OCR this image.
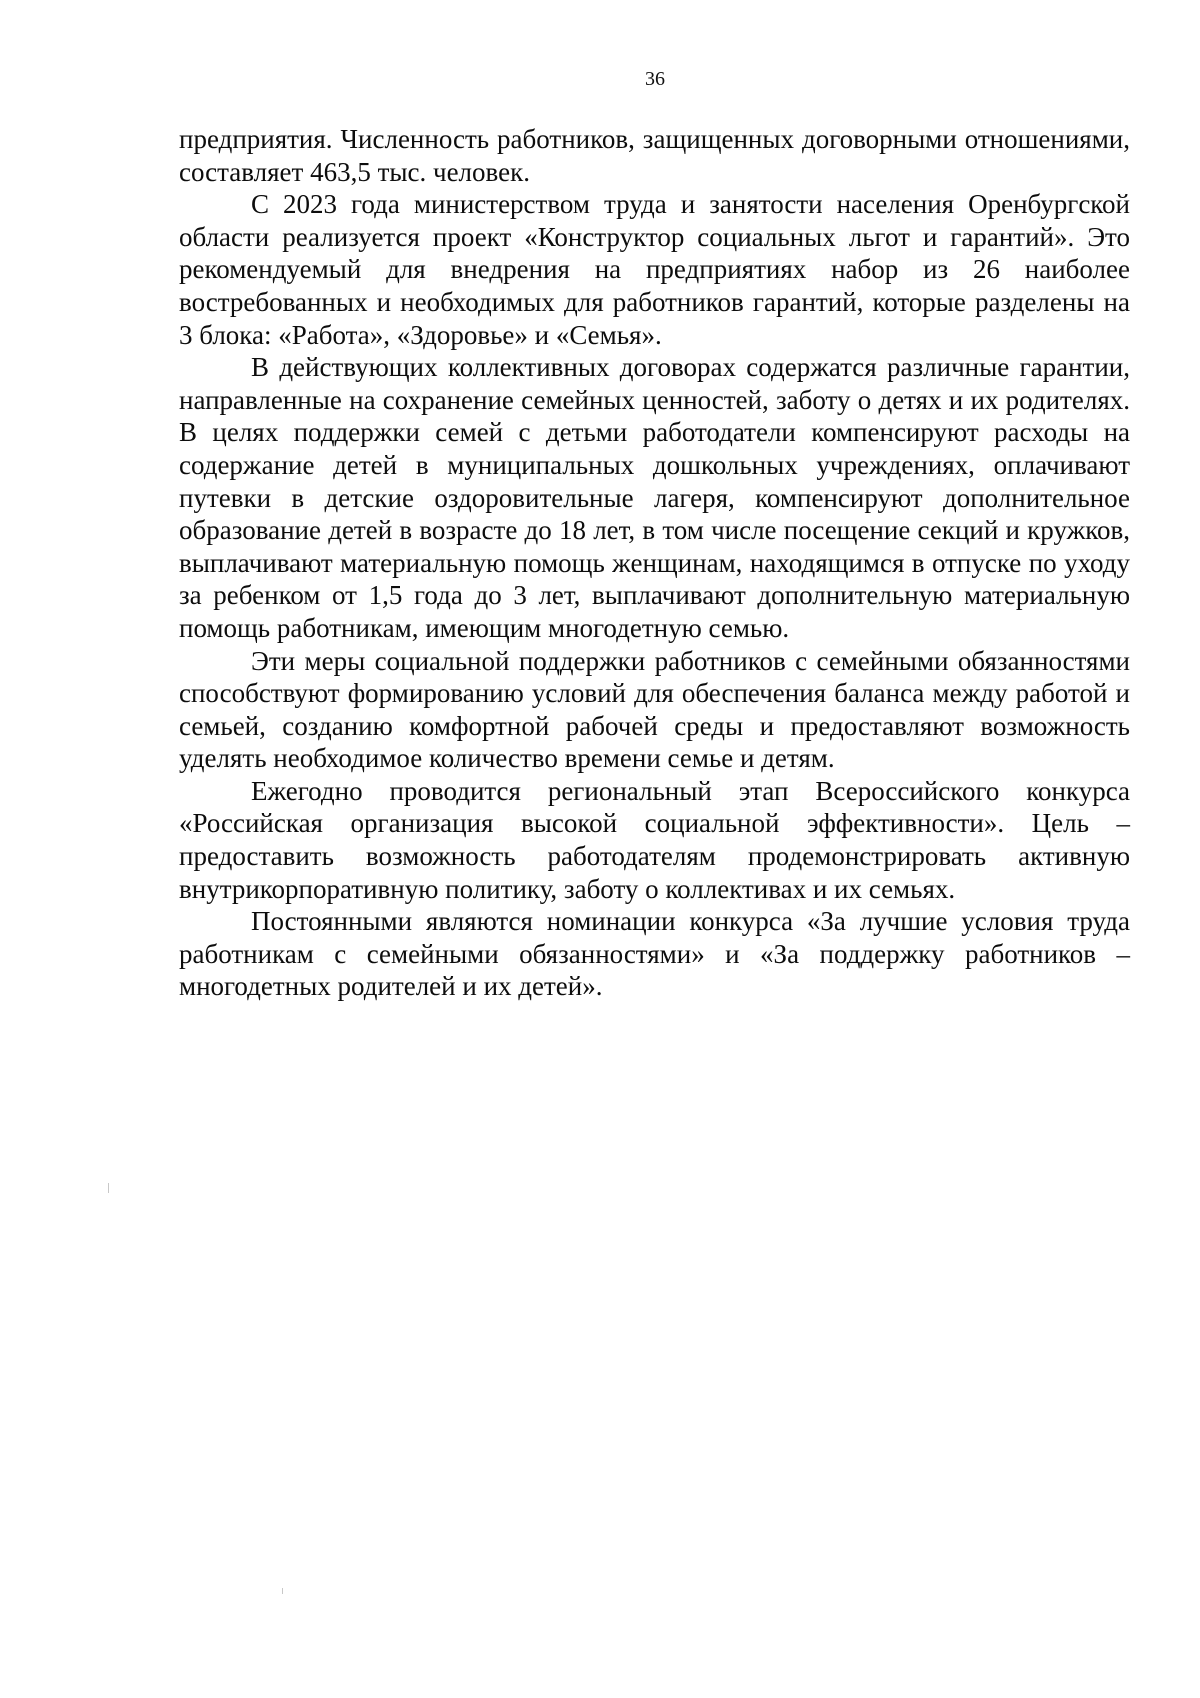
36

предприятия. Численность работников, защищенных договорными отношениями, составляет 463,5 тыс. человек.

С 2023 года министерством труда и занятости населения Оренбургской области реализуется проект «Конструктор социальных льгот и гарантий». Это рекомендуемый для внедрения на предприятиях набор из 26 наиболее востребованных и необходимых для работников гарантий, которые разделены на 3 блока: «Работа», «Здоровье» и «Семья».

В действующих коллективных договорах содержатся различные гарантии, направленные на сохранение семейных ценностей, заботу о детях и их родителях. В целях поддержки семей с детьми работодатели компенсируют расходы на содержание детей в муниципальных дошкольных учреждениях, оплачивают путевки в детские оздоровительные лагеря, компенсируют дополнительное образование детей в возрасте до 18 лет, в том числе посещение секций и кружков, выплачивают материальную помощь женщинам, находящимся в отпуске по уходу за ребенком от 1,5 года до 3 лет, выплачивают дополнительную материальную помощь работникам, имеющим многодетную семью.

Эти меры социальной поддержки работников с семейными обязанностями способствуют формированию условий для обеспечения баланса между работой и семьей, созданию комфортной рабочей среды и предоставляют возможность уделять необходимое количество времени семье и детям.

Ежегодно проводится региональный этап Всероссийского конкурса «Российская организация высокой социальной эффективности». Цель – предоставить возможность работодателям продемонстрировать активную внутрикорпоративную политику, заботу о коллективах и их семьях.

Постоянными являются номинации конкурса «За лучшие условия труда работникам с семейными обязанностями» и «За поддержку работников – многодетных родителей и их детей».
